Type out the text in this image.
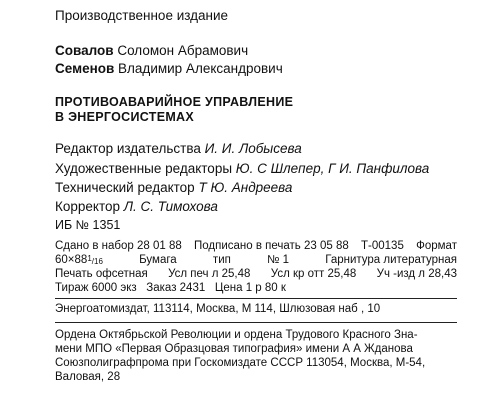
Производственное издание
Совалов Соломон Абрамович
Семенов Владимир Александрович
ПРОТИВОАВАРИЙНОЕ УПРАВЛЕНИЕ
В ЭНЕРГОСИСТЕМАХ
Редактор издательства И. И. Лобысева
Художественные редакторы Ю. С Шлепер, Г И. Панфилова
Технический редактор Т Ю. Андреева
Корректор Л. С. Тимохова
ИБ № 1351
Сдано в набор 28 01 88 Подписано в печать 23 05 88 Т-00135 Формат
$60\times 88^1/16$	Бумага	тип	№ 1	Гарнитура литературная
Печать офсетная Усл печ л 25,48 Усл кр отт 25,48 Уч -изд л 28,43
Тираж 6000 экз Заказ 2431 Цена 1 р 80 к
Энергоатомиздат, 113114, Москва, М 114, Шлюзовая наб , 10
Ордена Октябрьской Революции и ордена Трудового Красного Зна-
мени МПО «Первая Образцовая типография» имени А А Жданова
Союзполиграфпрома при Госкомиздате СССР 113054, Москва, М-54,
Валовая, 28
